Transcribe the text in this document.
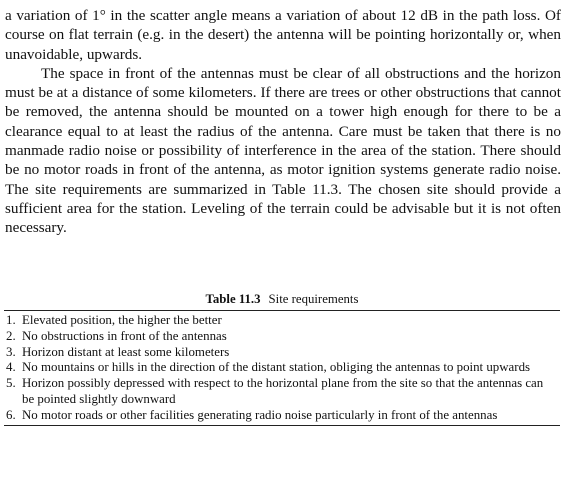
a variation of 1° in the scatter angle means a variation of about 12 dB in the path loss. Of course on flat terrain (e.g. in the desert) the antenna will be pointing horizontally or, when unavoidable, upwards.

The space in front of the antennas must be clear of all obstructions and the horizon must be at a distance of some kilometers. If there are trees or other obstructions that cannot be removed, the antenna should be mounted on a tower high enough for there to be a clearance equal to at least the radius of the antenna. Care must be taken that there is no manmade radio noise or possibility of interference in the area of the station. There should be no motor roads in front of the antenna, as motor ignition systems generate radio noise. The site requirements are summarized in Table 11.3. The chosen site should provide a sufficient area for the station. Leveling of the terrain could be advisable but it is not often necessary.

Table 11.3 Site requirements
1. Elevated position, the higher the better
2. No obstructions in front of the antennas
3. Horizon distant at least some kilometers
4. No mountains or hills in the direction of the distant station, obliging the antennas to point upwards
5. Horizon possibly depressed with respect to the horizontal plane from the site so that the antennas can be pointed slightly downward
6. No motor roads or other facilities generating radio noise particularly in front of the antennas
